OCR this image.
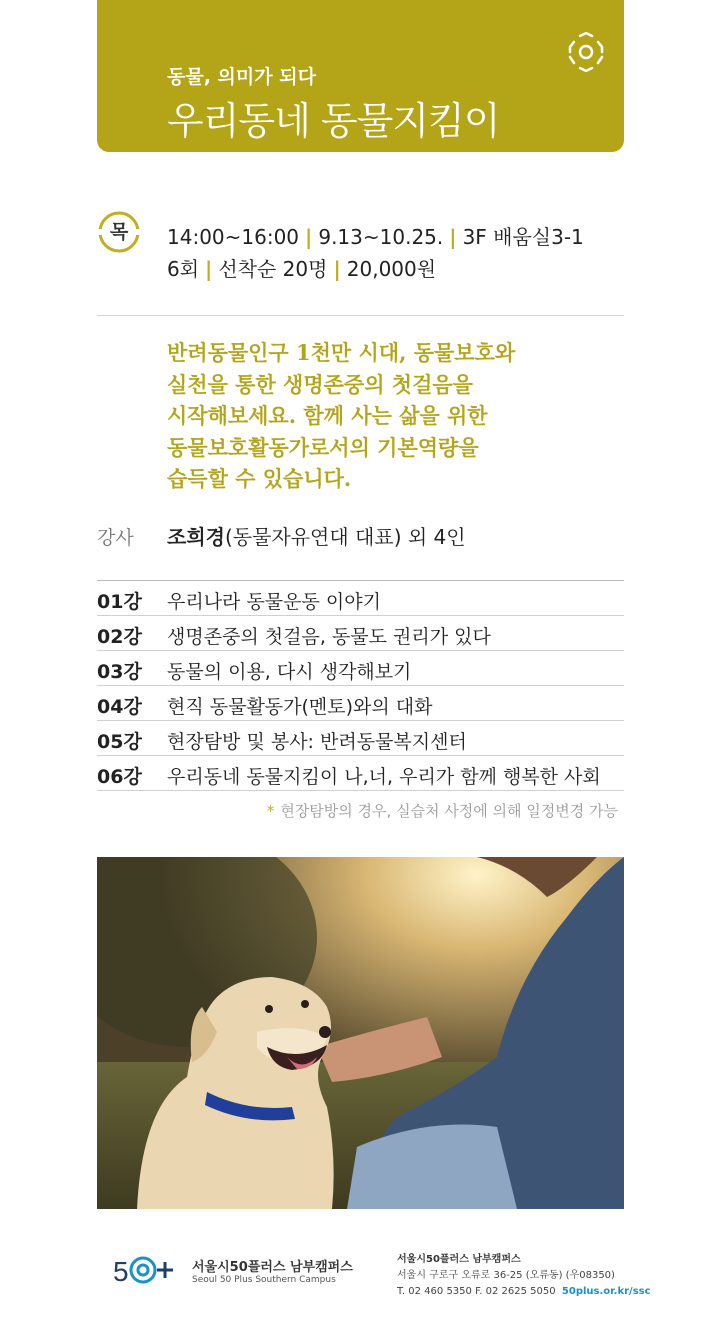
동물, 의미가 되다
우리동네 동물지킴이
목	14:00~16:00 | 9.13~10.25. | 3F 배움실3-1
6회 | 선착순 20명 | 20,000원
반려동물인구 1천만 시대, 동물보호와
실천을 통한 생명존중의 첫걸음을
시작해보세요. 함께 사는 삶을 위한
동물보호활동가로서의 기본역량을
습득할 수 있습니다.
강사 조희경(동물자유연대 대표) 외 4인
01강 우리나라 동물운동 이야기
02강 생명존중의 첫걸음, 동물도 권리가 있다
03강 동물의 이용, 다시 생각해보기
04강 현직 동물활동가(멘토)와의 대화
05강 현장탐방 및 봉사: 반려동물복지센터
06강 우리동네 동물지킴이 나,너, 우리가 함께 행복한 사회
* 현장탐방의 경우, 실습처 사정에 의해 일정변경 가능
5	서울시50플러스 남부캠퍼스
Seoul 50 Plus Southern Campus
서울시50플러스 남부캠퍼스
서울시 구로구 오류로 36-25 (오류동) (우08350)
T. 02 460 5350 F. 02 2625 5050 50plus.or.kr/ssc
